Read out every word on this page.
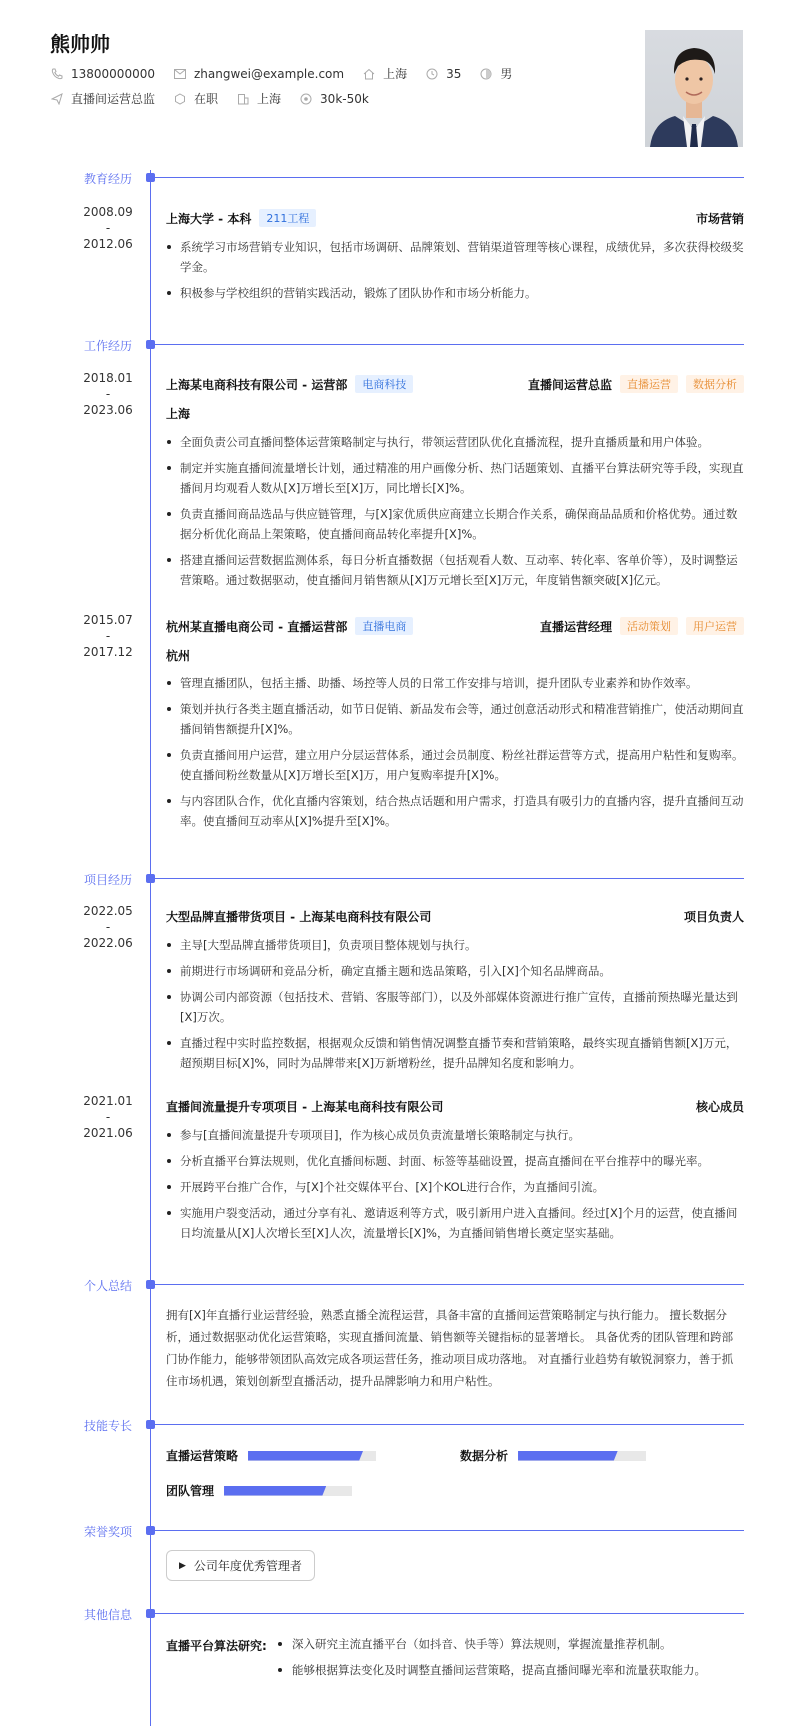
熊帅帅
13800000000	zhangwei@example.com	上海	35	男
直播间运营总监	在职	上海	30k-50k
教育经历
2008.09
-
2012.06
上海大学 - 本科	211工程	市场营销
系统学习市场营销专业知识，包括市场调研、品牌策划、营销渠道管理等核心课程，成绩优异，多次获得校级奖学金。
积极参与学校组织的营销实践活动，锻炼了团队协作和市场分析能力。
工作经历
2018.01
-
2023.06
上海某电商科技有限公司 - 运营部	电商科技	直播间运营总监	直播运营	数据分析
上海
全面负责公司直播间整体运营策略制定与执行，带领运营团队优化直播流程，提升直播质量和用户体验。
制定并实施直播间流量增长计划，通过精准的用户画像分析、热门话题策划、直播平台算法研究等手段，实现直播间月均观看人数从[X]万增长至[X]万，同比增长[X]%。
负责直播间商品选品与供应链管理，与[X]家优质供应商建立长期合作关系，确保商品品质和价格优势。通过数据分析优化商品上架策略，使直播间商品转化率提升[X]%。
搭建直播间运营数据监测体系，每日分析直播数据（包括观看人数、互动率、转化率、客单价等），及时调整运营策略。通过数据驱动，使直播间月销售额从[X]万元增长至[X]万元，年度销售额突破[X]亿元。
2015.07
-
2017.12
杭州某直播电商公司 - 直播运营部	直播电商	直播运营经理	活动策划	用户运营
杭州
管理直播团队，包括主播、助播、场控等人员的日常工作安排与培训，提升团队专业素养和协作效率。
策划并执行各类主题直播活动，如节日促销、新品发布会等，通过创意活动形式和精准营销推广，使活动期间直播间销售额提升[X]%。
负责直播间用户运营，建立用户分层运营体系，通过会员制度、粉丝社群运营等方式，提高用户粘性和复购率。使直播间粉丝数量从[X]万增长至[X]万，用户复购率提升[X]%。
与内容团队合作，优化直播内容策划，结合热点话题和用户需求，打造具有吸引力的直播内容，提升直播间互动率。使直播间互动率从[X]%提升至[X]%。
项目经历
2022.05
-
2022.06
大型品牌直播带货项目 - 上海某电商科技有限公司	项目负责人
主导[大型品牌直播带货项目]，负责项目整体规划与执行。
前期进行市场调研和竞品分析，确定直播主题和选品策略，引入[X]个知名品牌商品。
协调公司内部资源（包括技术、营销、客服等部门），以及外部媒体资源进行推广宣传，直播前预热曝光量达到[X]万次。
直播过程中实时监控数据，根据观众反馈和销售情况调整直播节奏和营销策略，最终实现直播销售额[X]万元，超预期目标[X]%，同时为品牌带来[X]万新增粉丝，提升品牌知名度和影响力。
2021.01
-
2021.06
直播间流量提升专项项目 - 上海某电商科技有限公司	核心成员
参与[直播间流量提升专项项目]，作为核心成员负责流量增长策略制定与执行。
分析直播平台算法规则，优化直播间标题、封面、标签等基础设置，提高直播间在平台推荐中的曝光率。
开展跨平台推广合作，与[X]个社交媒体平台、[X]个KOL进行合作，为直播间引流。
实施用户裂变活动，通过分享有礼、邀请返利等方式，吸引新用户进入直播间。经过[X]个月的运营，使直播间日均流量从[X]人次增长至[X]人次，流量增长[X]%，为直播间销售增长奠定坚实基础。
个人总结
拥有[X]年直播行业运营经验，熟悉直播全流程运营，具备丰富的直播间运营策略制定与执行能力。 擅长数据分析，通过数据驱动优化运营策略，实现直播间流量、销售额等关键指标的显著增长。 具备优秀的团队管理和跨部门协作能力，能够带领团队高效完成各项运营任务，推动项目成功落地。 对直播行业趋势有敏锐洞察力，善于抓住市场机遇，策划创新型直播活动，提升品牌影响力和用户粘性。
技能专长
直播运营策略	数据分析
团队管理
荣誉奖项
▶ 公司年度优秀管理者
其他信息
直播平台算法研究:	深入研究主流直播平台（如抖音、快手等）算法规则，掌握流量推荐机制。
能够根据算法变化及时调整直播间运营策略，提高直播间曝光率和流量获取能力。
